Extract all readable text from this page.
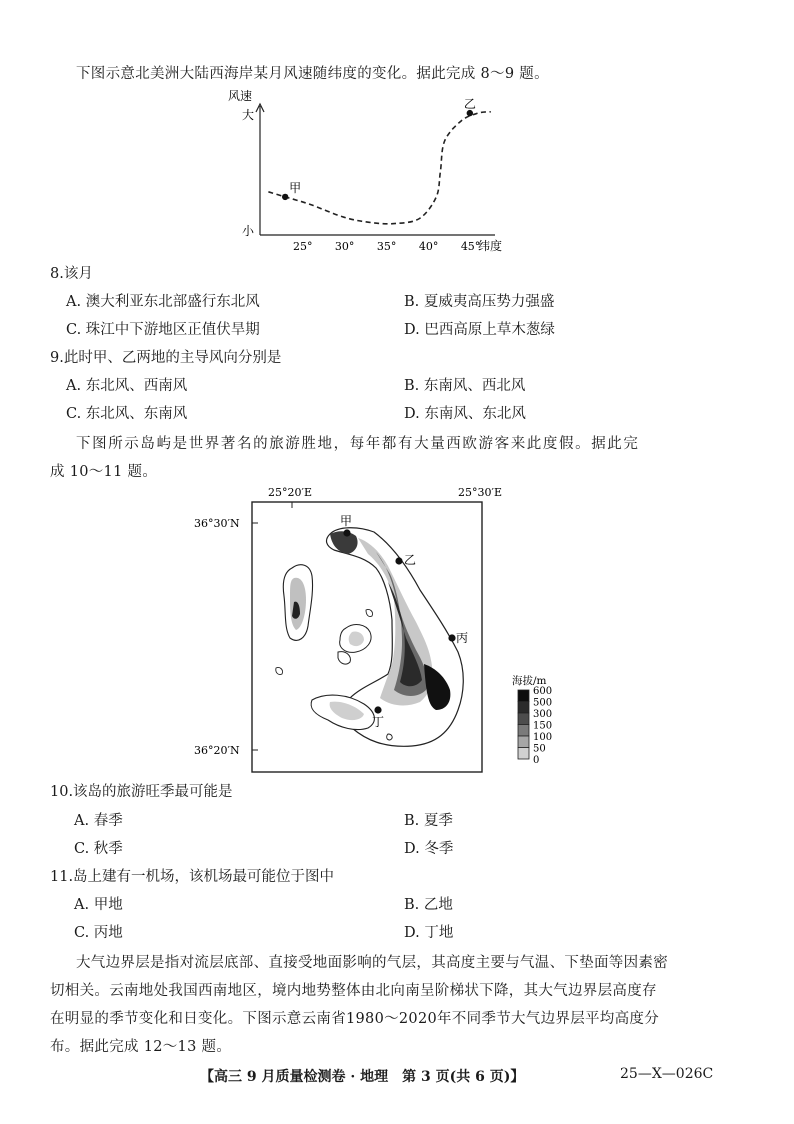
下图示意北美洲大陆西海岸某月风速随纬度的变化。据此完成 8～9 题。
风速
大
小
纬度
25° 30° 35° 40° 45°
甲
乙
8.该月
A. 澳大利亚东北部盛行东北风	B. 夏威夷高压势力强盛
C. 珠江中下游地区正值伏旱期	D. 巴西高原上草木葱绿
9.此时甲、乙两地的主导风向分别是
A. 东北风、西南风	B. 东南风、西北风
C. 东北风、东南风	D. 东南风、东北风
下图所示岛屿是世界著名的旅游胜地，每年都有大量西欧游客来此度假。据此完
成 10～11 题。
25°20′E	25°30′E
36°30′N
36°20′N
甲
乙
丙
丁
海拔/m
600
500
300
150
100
50
0
10.该岛的旅游旺季最可能是
A. 春季	B. 夏季
C. 秋季	D. 冬季
11.岛上建有一机场，该机场最可能位于图中
A. 甲地	B. 乙地
C. 丙地	D. 丁地
大气边界层是指对流层底部、直接受地面影响的气层，其高度主要与气温、下垫面等因素密
切相关。云南地处我国西南地区，境内地势整体由北向南呈阶梯状下降，其大气边界层高度存
在明显的季节变化和日变化。下图示意云南省1980～2020年不同季节大气边界层平均高度分
布。据此完成 12～13 题。
【高三 9 月质量检测卷 · 地理　第 3 页(共 6 页)】	25—X—026C
